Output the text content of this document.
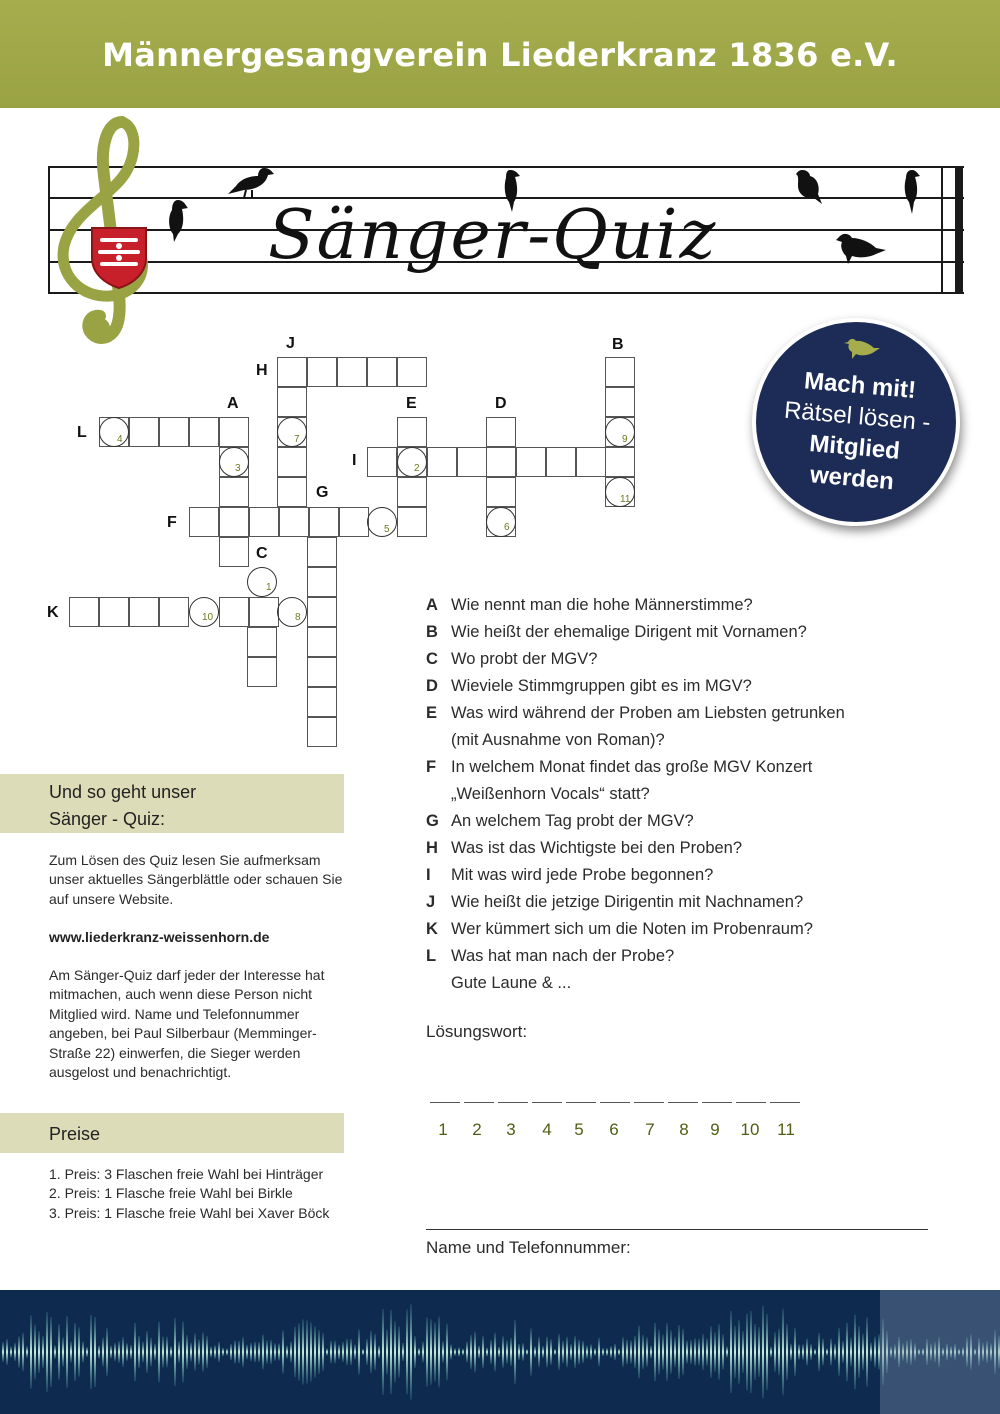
Männergesangverein Liederkranz 1836 e.V.
Sänger-Quiz
Mach mit!
Rätsel lösen -
Mitglied
werden
4	7	9
3	2
11
5	6
1
10	8
J	B
H
A	E	D
L
I
G
F
C
K	A Wie nennt man die hohe Männerstimme?
B Wie heißt der ehemalige Dirigent mit Vornamen?
C Wo probt der MGV?
D Wieviele Stimmgruppen gibt es im MGV?
E Was wird während der Proben am Liebsten getrunken
(mit Ausnahme von Roman)?
F In welchem Monat findet das große MGV Konzert
„Weißenhorn Vocals“ statt?
G An welchem Tag probt der MGV?
H Was ist das Wichtigste bei den Proben?
I	Mit was wird jede Probe begonnen?
J Wie heißt die jetzige Dirigentin mit Nachnamen?
K Wer kümmert sich um die Noten im Probenraum?
L Was hat man nach der Probe?
Gute Laune & ...
Und so geht unser
Sänger - Quiz:
Zum Lösen des Quiz lesen Sie aufmerksam unser aktuelles Sängerblättle oder schauen Sie auf unsere Website.
www.liederkranz-weissenhorn.de
Am Sänger-Quiz darf jeder der Interesse hat mitmachen, auch wenn diese Person nicht Mitglied wird. Name und Telefonnummer angeben, bei Paul Silberbaur (Memminger-Straße 22) einwerfen, die Sieger werden ausgelost und benachrichtigt.
Preise
1. Preis: 3 Flaschen freie Wahl bei Hinträger
2. Preis: 1 Flasche freie Wahl bei Birkle
3. Preis: 1 Flasche freie Wahl bei Xaver Böck
Lösungswort:
1	2	3	4	5	6	7	8	9	10	11
Name und Telefonnummer:
